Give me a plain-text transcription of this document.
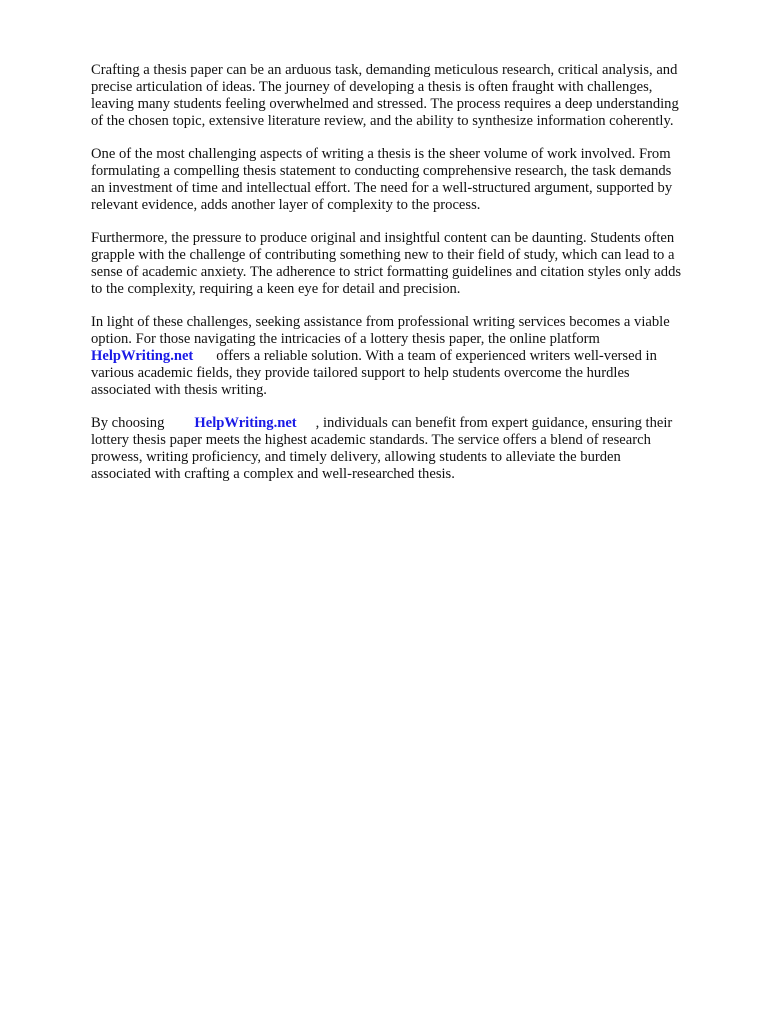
Crafting a thesis paper can be an arduous task, demanding meticulous research, critical analysis, and
precise articulation of ideas. The journey of developing a thesis is often fraught with challenges,
leaving many students feeling overwhelmed and stressed. The process requires a deep understanding
of the chosen topic, extensive literature review, and the ability to synthesize information coherently.

One of the most challenging aspects of writing a thesis is the sheer volume of work involved. From
formulating a compelling thesis statement to conducting comprehensive research, the task demands
an investment of time and intellectual effort. The need for a well-structured argument, supported by
relevant evidence, adds another layer of complexity to the process.

Furthermore, the pressure to produce original and insightful content can be daunting. Students often
grapple with the challenge of contributing something new to their field of study, which can lead to a
sense of academic anxiety. The adherence to strict formatting guidelines and citation styles only adds
to the complexity, requiring a keen eye for detail and precision.

In light of these challenges, seeking assistance from professional writing services becomes a viable
option. For those navigating the intricacies of a lottery thesis paper, the online platform
HelpWriting.net offers a reliable solution. With a team of experienced writers well-versed in
various academic fields, they provide tailored support to help students overcome the hurdles
associated with thesis writing.

By choosing HelpWriting.net , individuals can benefit from expert guidance, ensuring their
lottery thesis paper meets the highest academic standards. The service offers a blend of research
prowess, writing proficiency, and timely delivery, allowing students to alleviate the burden
associated with crafting a complex and well-researched thesis.
